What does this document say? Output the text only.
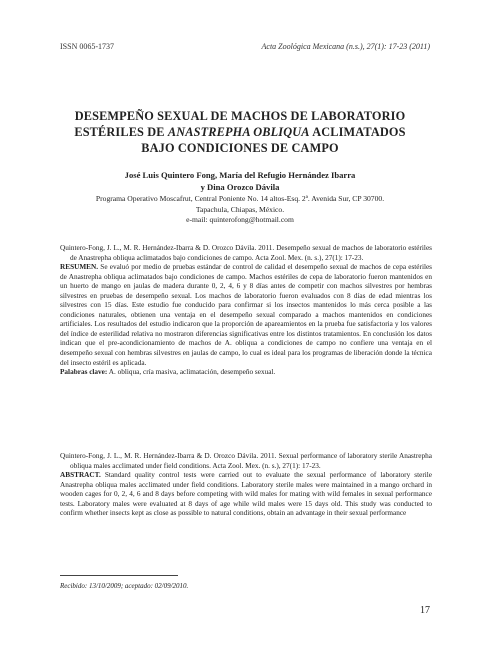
ISSN 0065-1737	Acta Zoológica Mexicana (n.s.), 27(1): 17-23 (2011)
DESEMPEÑO SEXUAL DE MACHOS DE LABORATORIO
ESTÉRILES DE ANASTREPHA OBLIQUA ACLIMATADOS
BAJO CONDICIONES DE CAMPO
José Luis Quintero Fong, María del Refugio Hernández Ibarra
y Dina Orozco Dávila
Programa Operativo Moscafrut, Central Poniente No. 14 altos-Esq. 2ª. Avenida Sur, CP 30700.
Tapachula, Chiapas, México.
e-mail: quinterofong@hotmail.com

Quintero-Fong, J. L., M. R. Hernández-Ibarra & D. Orozco Dávila. 2011. Desempeño sexual de machos de laboratorio estériles de Anastrepha obliqua aclimatados bajo condiciones de campo. Acta Zool. Mex. (n. s.), 27(1): 17-23.

RESUMEN. Se evaluó por medio de pruebas estándar de control de calidad el desempeño sexual de machos de cepa estériles de Anastrepha obliqua aclimatados bajo condiciones de campo. Machos estériles de cepa de laboratorio fueron mantenidos en un huerto de mango en jaulas de madera durante 0, 2, 4, 6 y 8 días antes de competir con machos silvestres por hembras silvestres en pruebas de desempeño sexual. Los machos de laboratorio fueron evaluados con 8 días de edad mientras los silvestres con 15 días. Este estudio fue conducido para confirmar si los insectos mantenidos lo más cerca posible a las condiciones naturales, obtienen una ventaja en el desempeño sexual comparado a machos mantenidos en condiciones artificiales. Los resultados del estudio indicaron que la proporción de apareamientos en la prueba fue satisfactoria y los valores del índice de esterilidad relativa no mostraron diferencias significativas entre los distintos tratamientos. En conclusión los datos indican que el pre-acondicionamiento de machos de A. obliqua a condiciones de campo no confiere una ventaja en el desempeño sexual con hembras silvestres en jaulas de campo, lo cual es ideal para los programas de liberación donde la técnica del insecto estéril es aplicada.

Palabras clave: A. obliqua, cría masiva, aclimatación, desempeño sexual.

Quintero-Fong, J. L., M. R. Hernández-Ibarra & D. Orozco Dávila. 2011. Sexual performance of laboratory sterile Anastrepha obliqua males acclimated under field conditions. Acta Zool. Mex. (n. s.), 27(1): 17-23.

ABSTRACT. Standard quality control tests were carried out to evaluate the sexual performance of laboratory sterile Anastrepha obliqua males acclimated under field conditions. Laboratory sterile males were maintained in a mango orchard in wooden cages for 0, 2, 4, 6 and 8 days before competing with wild males for mating with wild females in sexual performance tests. Laboratory males were evaluated at 8 days of age while wild males were 15 days old. This study was conducted to confirm whether insects kept as close as possible to natural conditions, obtain an advantage in their sexual performance

Recibido: 13/10/2009; aceptado: 02/09/2010.
17
